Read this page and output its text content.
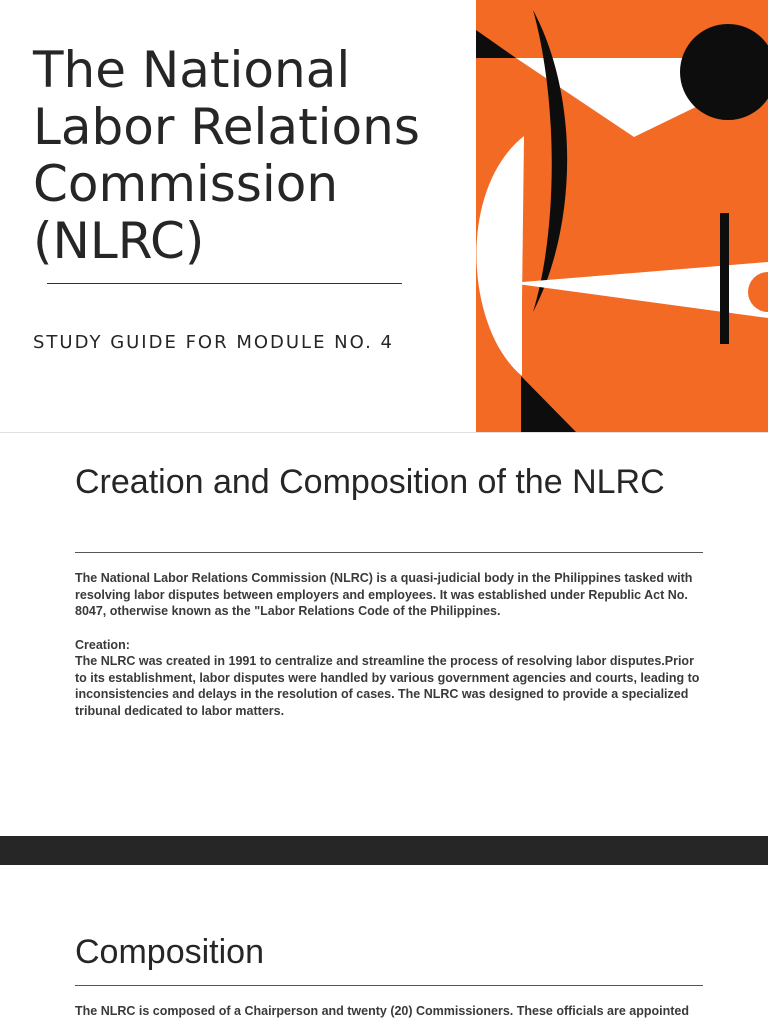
The National
Labor Relations
Commission
(NLRC)

STUDY GUIDE FOR MODULE NO. 4

Creation and Composition of the NLRC

The National Labor Relations Commission (NLRC) is a quasi-judicial body in the Philippines tasked with resolving labor disputes between employers and employees. It was established under Republic Act No. 8047, otherwise known as the "Labor Relations Code of the Philippines.

Creation:
The NLRC was created in 1991 to centralize and streamline the process of resolving labor disputes.Prior to its establishment, labor disputes were handled by various government agencies and courts, leading to inconsistencies and delays in the resolution of cases. The NLRC was designed to provide a specialized tribunal dedicated to labor matters.

Composition

The NLRC is composed of a Chairperson and twenty (20) Commissioners. These officials are appointed
